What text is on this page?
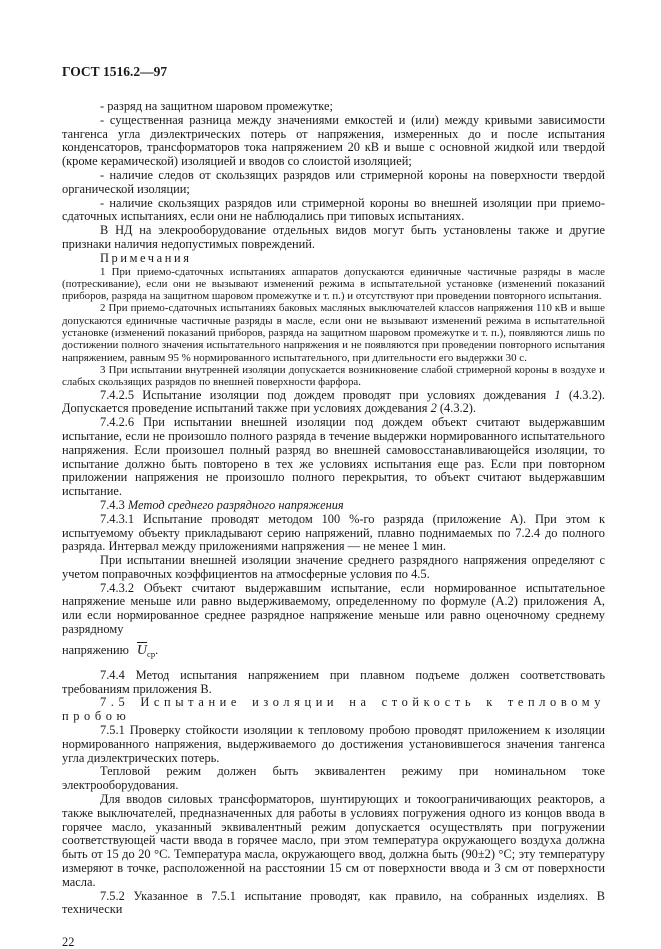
ГОСТ 1516.2—97

- разряд на защитном шаровом промежутке;

- существенная разница между значениями емкостей и (или) между кривыми зависимости тангенса угла диэлектрических потерь от напряжения, измеренных до и после испытания конденсаторов, трансформаторов тока напряжением 20 кВ и выше с основной жидкой или твердой (кроме керамической) изоляцией и вводов со слоистой изоляцией;

- наличие следов от скользящих разрядов или стримерной короны на поверхности твердой органической изоляции;

- наличие скользящих разрядов или стримерной короны во внешней изоляции при приемо-сдаточных испытаниях, если они не наблюдались при типовых испытаниях.

В НД на элекрооборудование отдельных видов могут быть установлены также и другие признаки наличия недопустимых повреждений.

Примечания

1 При приемо-сдаточных испытаниях аппаратов допускаются единичные частичные разряды в масле (потрескивание), если они не вызывают изменений режима в испытательной установке (изменений показаний приборов, разряда на защитном шаровом промежутке и т. п.) и отсутствуют при проведении повторного испытания.

2 При приемо-сдаточных испытаниях баковых масляных выключателей классов напряжения 110 кВ и выше допускаются единичные частичные разряды в масле, если они не вызывают изменений режима в испытательной установке (изменений показаний приборов, разряда на защитном шаровом промежутке и т. п.), появляются лишь по достижении полного значения испытательного напряжения и не появляются при проведении повторного испытания напряжением, равным 95 % нормированного испытательного, при длительности его выдержки 30 с.

3 При испытании внутренней изоляции допускается возникновение слабой стримерной короны в воздухе и слабых скользящих разрядов по внешней поверхности фарфора.

7.4.2.5 Испытание изоляции под дождем проводят при условиях дождевания 1 (4.3.2). Допускается проведение испытаний также при условиях дождевания 2 (4.3.2).

7.4.2.6 При испытании внешней изоляции под дождем объект считают выдержавшим испытание, если не произошло полного разряда в течение выдержки нормированного испытательного напряжения. Если произошел полный разряд во внешней самовосстанавливающейся изоляции, то испытание должно быть повторено в тех же условиях испытания еще раз. Если при повторном приложении напряжения не произошло полного перекрытия, то объект считают выдержавшим испытание.

7.4.3 Метод среднего разрядного напряжения

7.4.3.1 Испытание проводят методом 100 %-го разряда (приложение А). При этом к испытуемому объекту прикладывают серию напряжений, плавно поднимаемых по 7.2.4 до полного разряда. Интервал между приложениями напряжения — не менее 1 мин.

При испытании внешней изоляции значение среднего разрядного напряжения определяют с учетом поправочных коэффициентов на атмосферные условия по 4.5.

7.4.3.2 Объект считают выдержавшим испытание, если нормированное испытательное напряжение меньше или равно выдерживаемому, определенному по формуле (А.2) приложения А, или если нормированное среднее разрядное напряжение меньше или равно оценочному среднему разрядному

напряжению $\overline{U}_{ср}$.

7.4.4 Метод испытания напряжением при плавном подъеме должен соответствовать требованиям приложения В.

7.5 Испытание изоляции на стойкость к тепловому пробою

7.5.1 Проверку стойкости изоляции к тепловому пробою проводят приложением к изоляции нормированного напряжения, выдерживаемого до достижения установившегося значения тангенса угла диэлектрических потерь.

Тепловой режим должен быть эквивалентен режиму при номинальном токе электрооборудования.

Для вводов силовых трансформаторов, шунтирующих и токоограничивающих реакторов, а также выключателей, предназначенных для работы в условиях погружения одного из концов ввода в горячее масло, указанный эквивалентный режим допускается осуществлять при погружении соответствующей части ввода в горячее масло, при этом температура окружающего воздуха должна быть от 15 до 20 °С. Температура масла, окружающего ввод, должна быть (90±2) °С; эту температуру измеряют в точке, расположенной на расстоянии 15 см от поверхности ввода и 3 см от поверхности масла.

7.5.2 Указанное в 7.5.1 испытание проводят, как правило, на собранных изделиях. В технически

22
